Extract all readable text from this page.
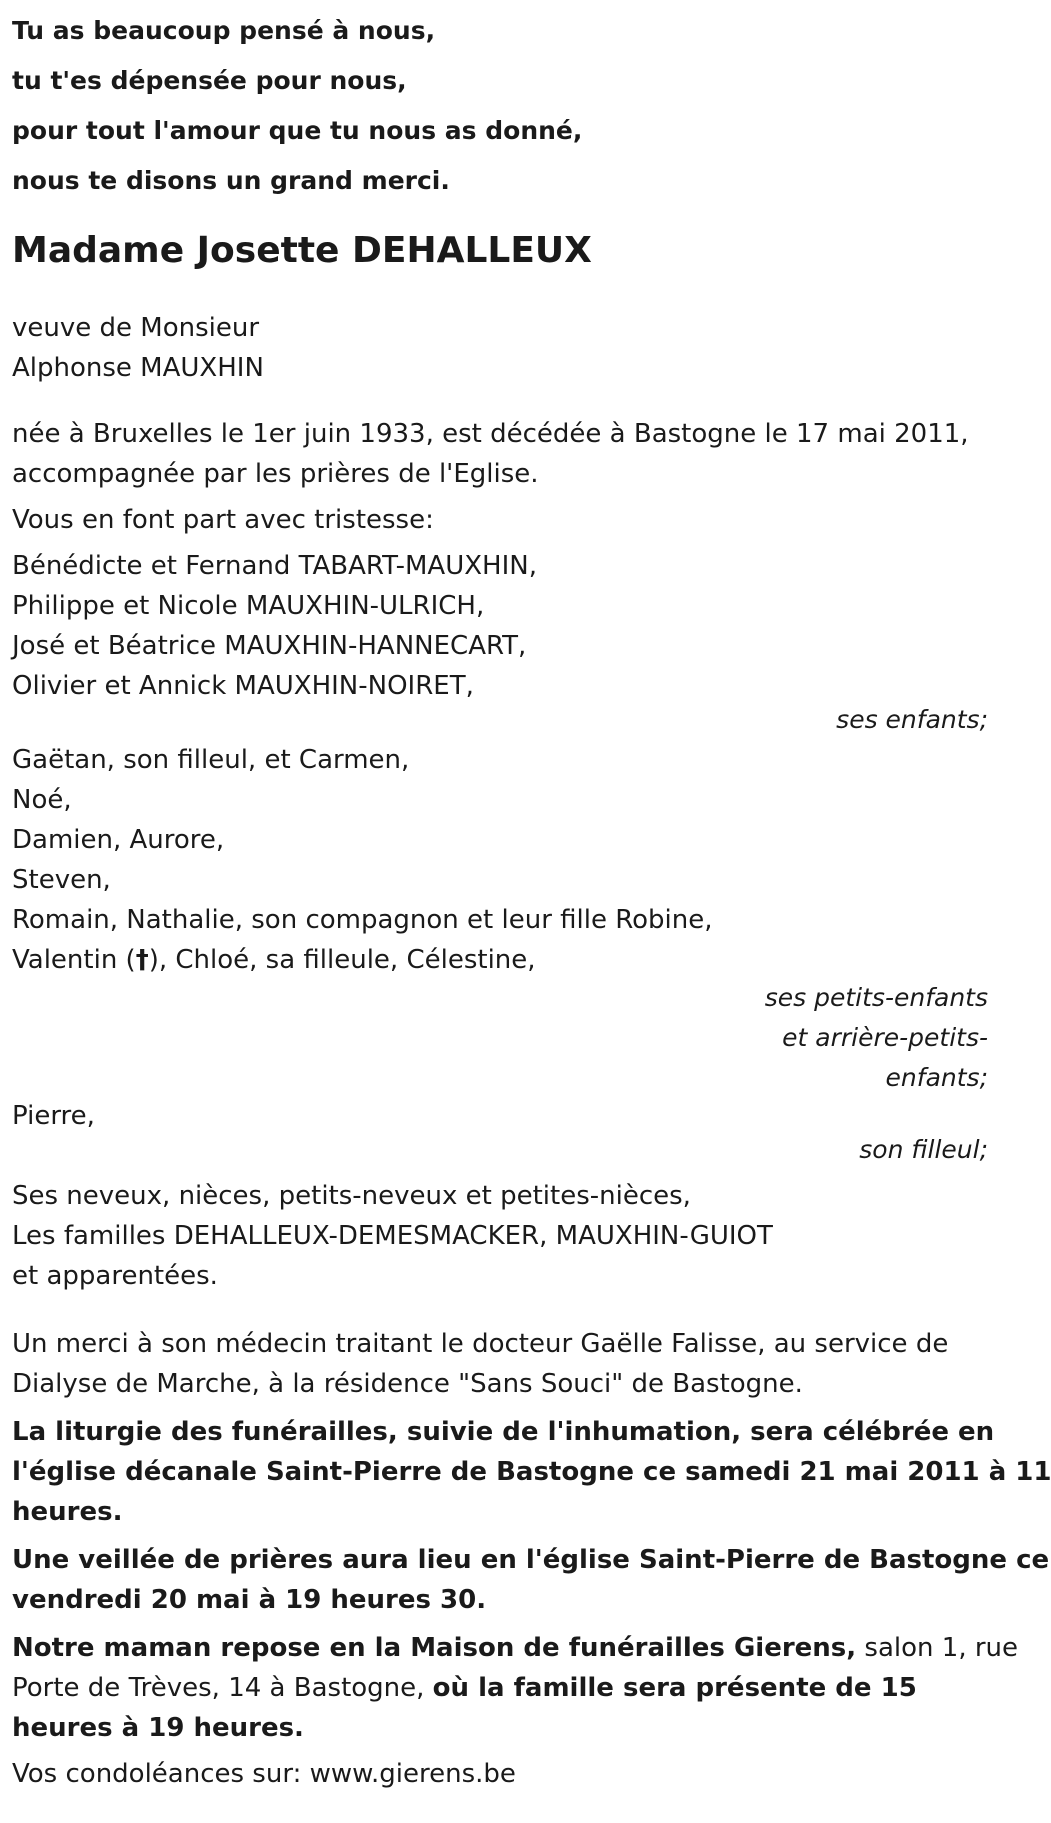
Tu as beaucoup pensé à nous,
tu t'es dépensée pour nous,
pour tout l'amour que tu nous as donné,
nous te disons un grand merci.
Madame Josette DEHALLEUX
veuve de Monsieur
Alphonse MAUXHIN
née à Bruxelles le 1er juin 1933, est décédée à Bastogne le 17 mai 2011,
accompagnée par les prières de l'Eglise.
Vous en font part avec tristesse:
Bénédicte et Fernand TABART-MAUXHIN,
Philippe et Nicole MAUXHIN-ULRICH,
José et Béatrice MAUXHIN-HANNECART,
Olivier et Annick MAUXHIN-NOIRET,
ses enfants;
Gaëtan, son filleul, et Carmen,
Noé,
Damien, Aurore,
Steven,
Romain, Nathalie, son compagnon et leur fille Robine,
Valentin (†), Chloé, sa filleule, Célestine,
ses petits-enfants
et arrière-petits-
enfants;
Pierre,
son filleul;
Ses neveux, nièces, petits-neveux et petites-nièces,
Les familles DEHALLEUX-DEMESMACKER, MAUXHIN-GUIOT
et apparentées.
Un merci à son médecin traitant le docteur Gaëlle Falisse, au service de
Dialyse de Marche, à la résidence "Sans Souci" de Bastogne.
La liturgie des funérailles, suivie de l'inhumation, sera célébrée en
l'église décanale Saint-Pierre de Bastogne ce samedi 21 mai 2011 à 11
heures.
Une veillée de prières aura lieu en l'église Saint-Pierre de Bastogne ce
vendredi 20 mai à 19 heures 30.
Notre maman repose en la Maison de funérailles Gierens, salon 1, rue
Porte de Trèves, 14 à Bastogne, où la famille sera présente de 15
heures à 19 heures.
Vos condoléances sur: www.gierens.be
